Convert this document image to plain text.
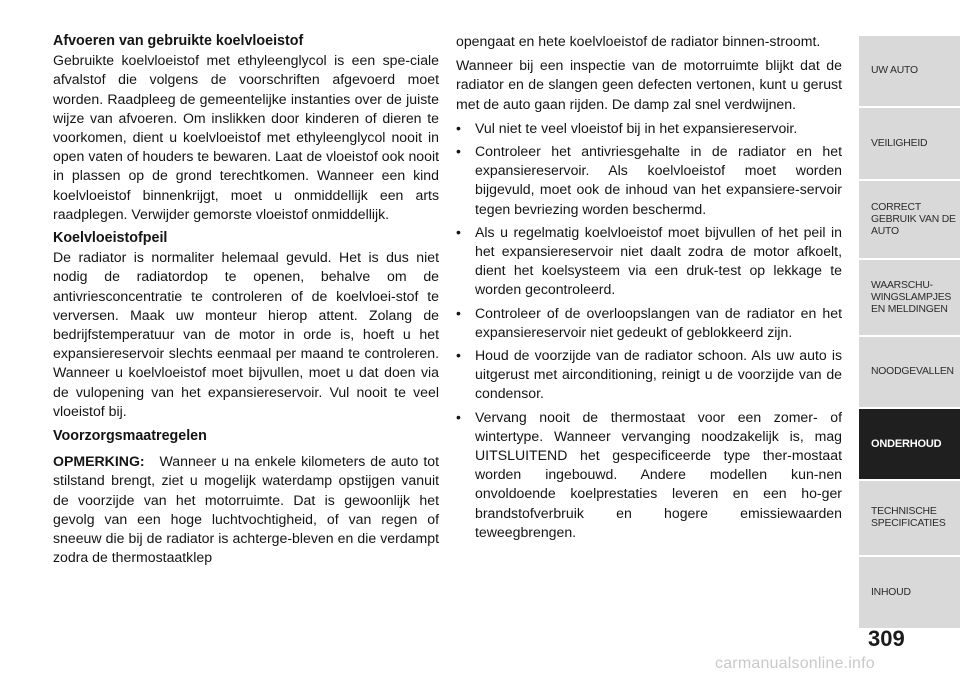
Afvoeren van gebruikte koelvloeistof

Gebruikte koelvloeistof met ethyleenglycol is een spe-ciale afvalstof die volgens de voorschriften afgevoerd moet worden. Raadpleeg de gemeentelijke instanties over de juiste wijze van afvoeren. Om inslikken door kinderen of dieren te voorkomen, dient u koelvloeistof met ethyleenglycol nooit in open vaten of houders te bewaren. Laat de vloeistof ook nooit in plassen op de grond terechtkomen. Wanneer een kind koelvloeistof binnenkrijgt, moet u onmiddellijk een arts raadplegen. Verwijder gemorste vloeistof onmiddellijk.

Koelvloeistofpeil

De radiator is normaliter helemaal gevuld. Het is dus niet nodig de radiatordop te openen, behalve om de antivriesconcentratie te controleren of de koelvloei-stof te verversen. Maak uw monteur hierop attent. Zolang de bedrijfstemperatuur van de motor in orde is, hoeft u het expansiereservoir slechts eenmaal per maand te controleren. Wanneer u koelvloeistof moet bijvullen, moet u dat doen via de vulopening van het expansiereservoir. Vul nooit te veel vloeistof bij.

Voorzorgsmaatregelen

OPMERKING: Wanneer u na enkele kilometers de auto tot stilstand brengt, ziet u mogelijk waterdamp opstijgen vanuit de voorzijde van het motorruimte. Dat is gewoonlijk het gevolg van een hoge luchtvochtigheid, of van regen of sneeuw die bij de radiator is achterge-bleven en die verdampt zodra de thermostaatklep

opengaat en hete koelvloeistof de radiator binnen-stroomt.

Wanneer bij een inspectie van de motorruimte blijkt dat de radiator en de slangen geen defecten vertonen, kunt u gerust met de auto gaan rijden. De damp zal snel verdwijnen.

• Vul niet te veel vloeistof bij in het expansiereservoir.
• Controleer het antivriesgehalte in de radiator en het expansiereservoir. Als koelvloeistof moet worden bijgevuld, moet ook de inhoud van het expansiere-servoir tegen bevriezing worden beschermd.
• Als u regelmatig koelvloeistof moet bijvullen of het peil in het expansiereservoir niet daalt zodra de motor afkoelt, dient het koelsysteem via een druk-test op lekkage te worden gecontroleerd.
• Controleer of de overloopslangen van de radiator en het expansiereservoir niet gedeukt of geblokkeerd zijn.
• Houd de voorzijde van de radiator schoon. Als uw auto is uitgerust met airconditioning, reinigt u de voorzijde van de condensor.
• Vervang nooit de thermostaat voor een zomer- of wintertype. Wanneer vervanging noodzakelijk is, mag UITSLUITEND het gespecificeerde type ther-mostaat worden ingebouwd. Andere modellen kun-nen onvoldoende koelprestaties leveren en een ho-ger brandstofverbruik en hogere emissiewaarden teweegbrengen.
UW AUTO
VEILIGHEID
CORRECT GEBRUIK VAN DE AUTO
WAARSCHU-WINGSLAMPJES EN MELDINGEN
NOODGEVALLEN
ONDERHOUD
TECHNISCHE SPECIFICATIES
INHOUD
309
carmanualsonline.info
